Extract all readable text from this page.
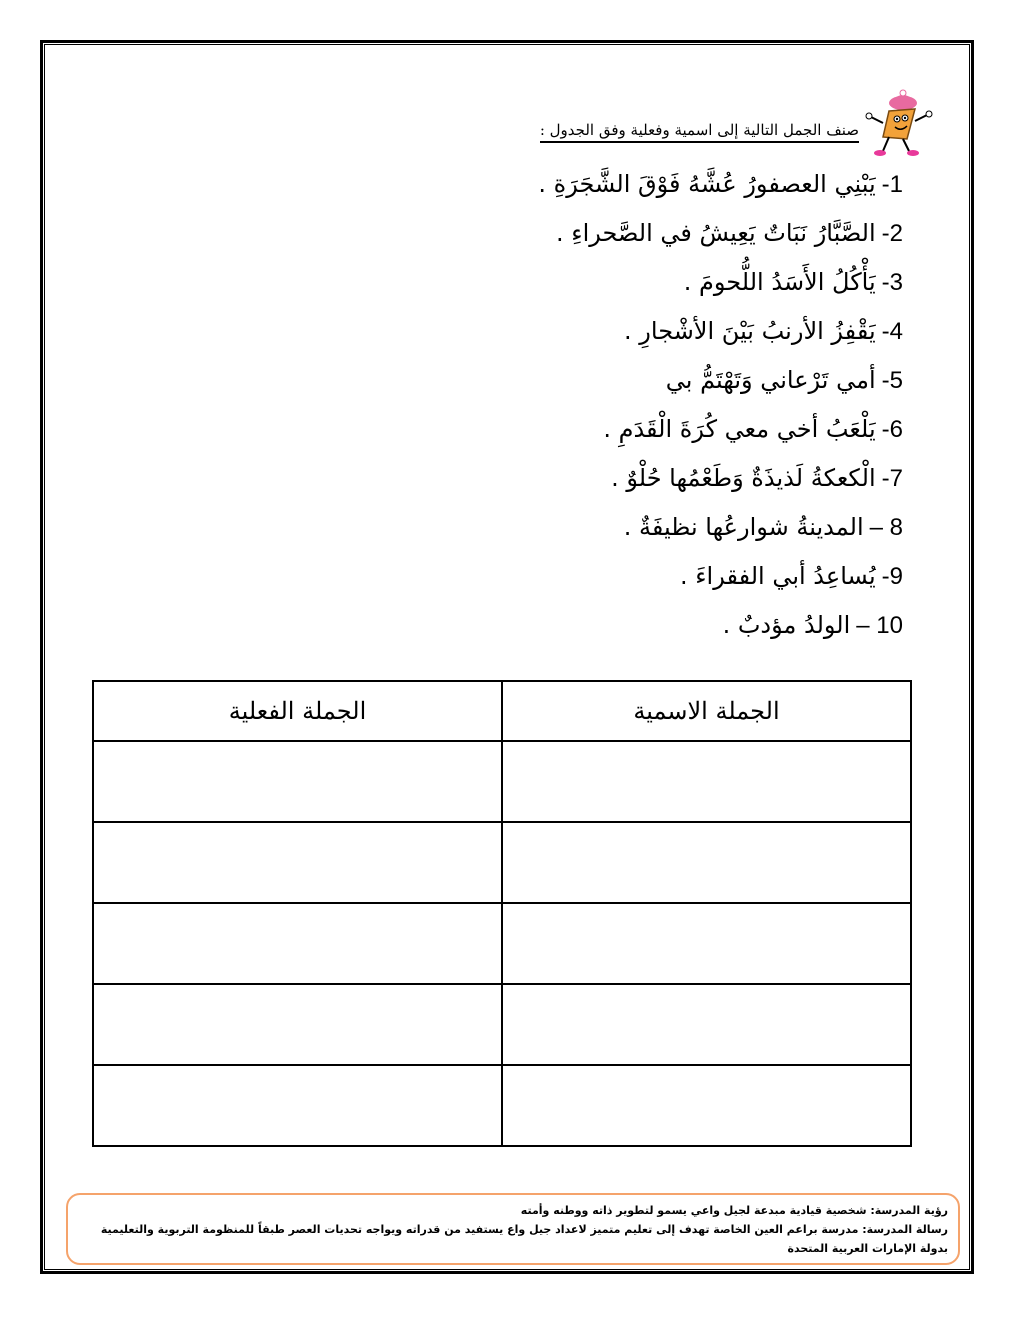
صنف الجمل التالية إلى اسمية وفعلية وفق الجدول :
1-يَبْنِي العصفورُ عُشَّهُ فَوْقَ الشَّجَرَةِ .
2-الصَّبَّارُ نَبَاتٌ يَعِيشُ في الصَّحراءِ .
3-يَأْكُلُ الأَسَدُ اللُّحومَ .
4-يَقْفِزُ الأرنبُ بَيْنَ الأشْجارِ .
5-أمي تَرْعاني وَتَهْتَمُّ بي
6-يَلْعَبُ أخي معي كُرَةَ الْقَدَمِ .
7-الْكعكةُ لَذيذَةٌ وَطَعْمُها حُلْوٌ .
8 –المدينةُ شوارعُها نظيفَةٌ .
9-يُساعِدُ أبي الفقراءَ .
10 –الولدُ مؤدبٌ .
الجملة الاسمية	الجملة الفعلية

رؤية المدرسة: شخصية قيادية مبدعة لجيل واعي يسمو لتطوير ذاته ووطنه وأمته

رسالة المدرسة: مدرسة براعم العين الخاصة تهدف إلى تعليم متميز لاعداد جيل واع يستفيد من قدراته ويواجه تحديات العصر طبقاً للمنظومة التربوية والتعليمية بدولة الإمارات العربية المتحدة
